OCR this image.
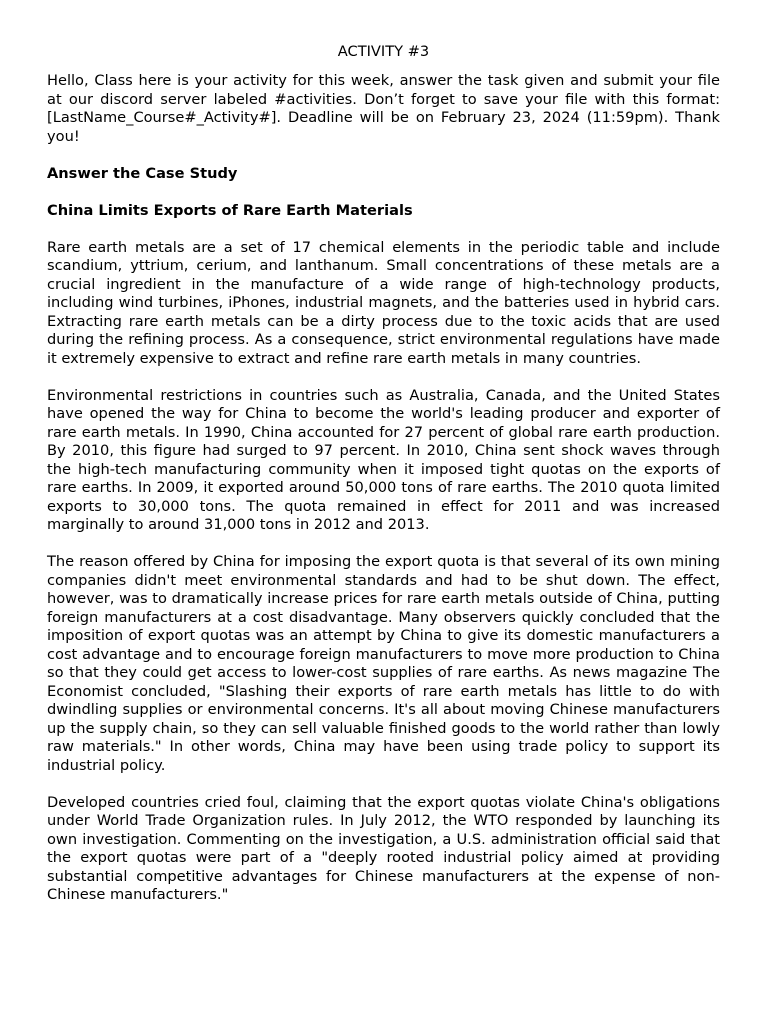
ACTIVITY #3

Hello, Class here is your activity for this week, answer the task given and submit your file at our discord server labeled #activities. Don’t forget to save your file with this format: [LastName_Course#_Activity#]. Deadline will be on February 23, 2024 (11:59pm). Thank you!

Answer the Case Study

China Limits Exports of Rare Earth Materials

Rare earth metals are a set of 17 chemical elements in the periodic table and include scandium, yttrium, cerium, and lanthanum. Small concentrations of these metals are a crucial ingredient in the manufacture of a wide range of high-technology products, including wind turbines, iPhones, industrial magnets, and the batteries used in hybrid cars. Extracting rare earth metals can be a dirty process due to the toxic acids that are used during the refining process. As a consequence, strict environmental regulations have made it extremely expensive to extract and refine rare earth metals in many countries.

Environmental restrictions in countries such as Australia, Canada, and the United States have opened the way for China to become the world's leading producer and exporter of rare earth metals. In 1990, China accounted for 27 percent of global rare earth production. By 2010, this figure had surged to 97 percent. In 2010, China sent shock waves through the high-tech manufacturing community when it imposed tight quotas on the exports of rare earths. In 2009, it exported around 50,000 tons of rare earths. The 2010 quota limited exports to 30,000 tons. The quota remained in effect for 2011 and was increased marginally to around 31,000 tons in 2012 and 2013.

The reason offered by China for imposing the export quota is that several of its own mining companies didn't meet environmental standards and had to be shut down. The effect, however, was to dramatically increase prices for rare earth metals outside of China, putting foreign manufacturers at a cost disadvantage. Many observers quickly concluded that the imposition of export quotas was an attempt by China to give its domestic manufacturers a cost advantage and to encourage foreign manufacturers to move more production to China so that they could get access to lower-cost supplies of rare earths. As news magazine The Economist concluded, "Slashing their exports of rare earth metals has little to do with dwindling supplies or environmental concerns. It's all about moving Chinese manufacturers up the supply chain, so they can sell valuable finished goods to the world rather than lowly raw materials." In other words, China may have been using trade policy to support its industrial policy.

Developed countries cried foul, claiming that the export quotas violate China's obligations under World Trade Organization rules. In July 2012, the WTO responded by launching its own investigation. Commenting on the investigation, a U.S. administration official said that the export quotas were part of a "deeply rooted industrial policy aimed at providing substantial competitive advantages for Chinese manufacturers at the expense of non-Chinese manufacturers."
